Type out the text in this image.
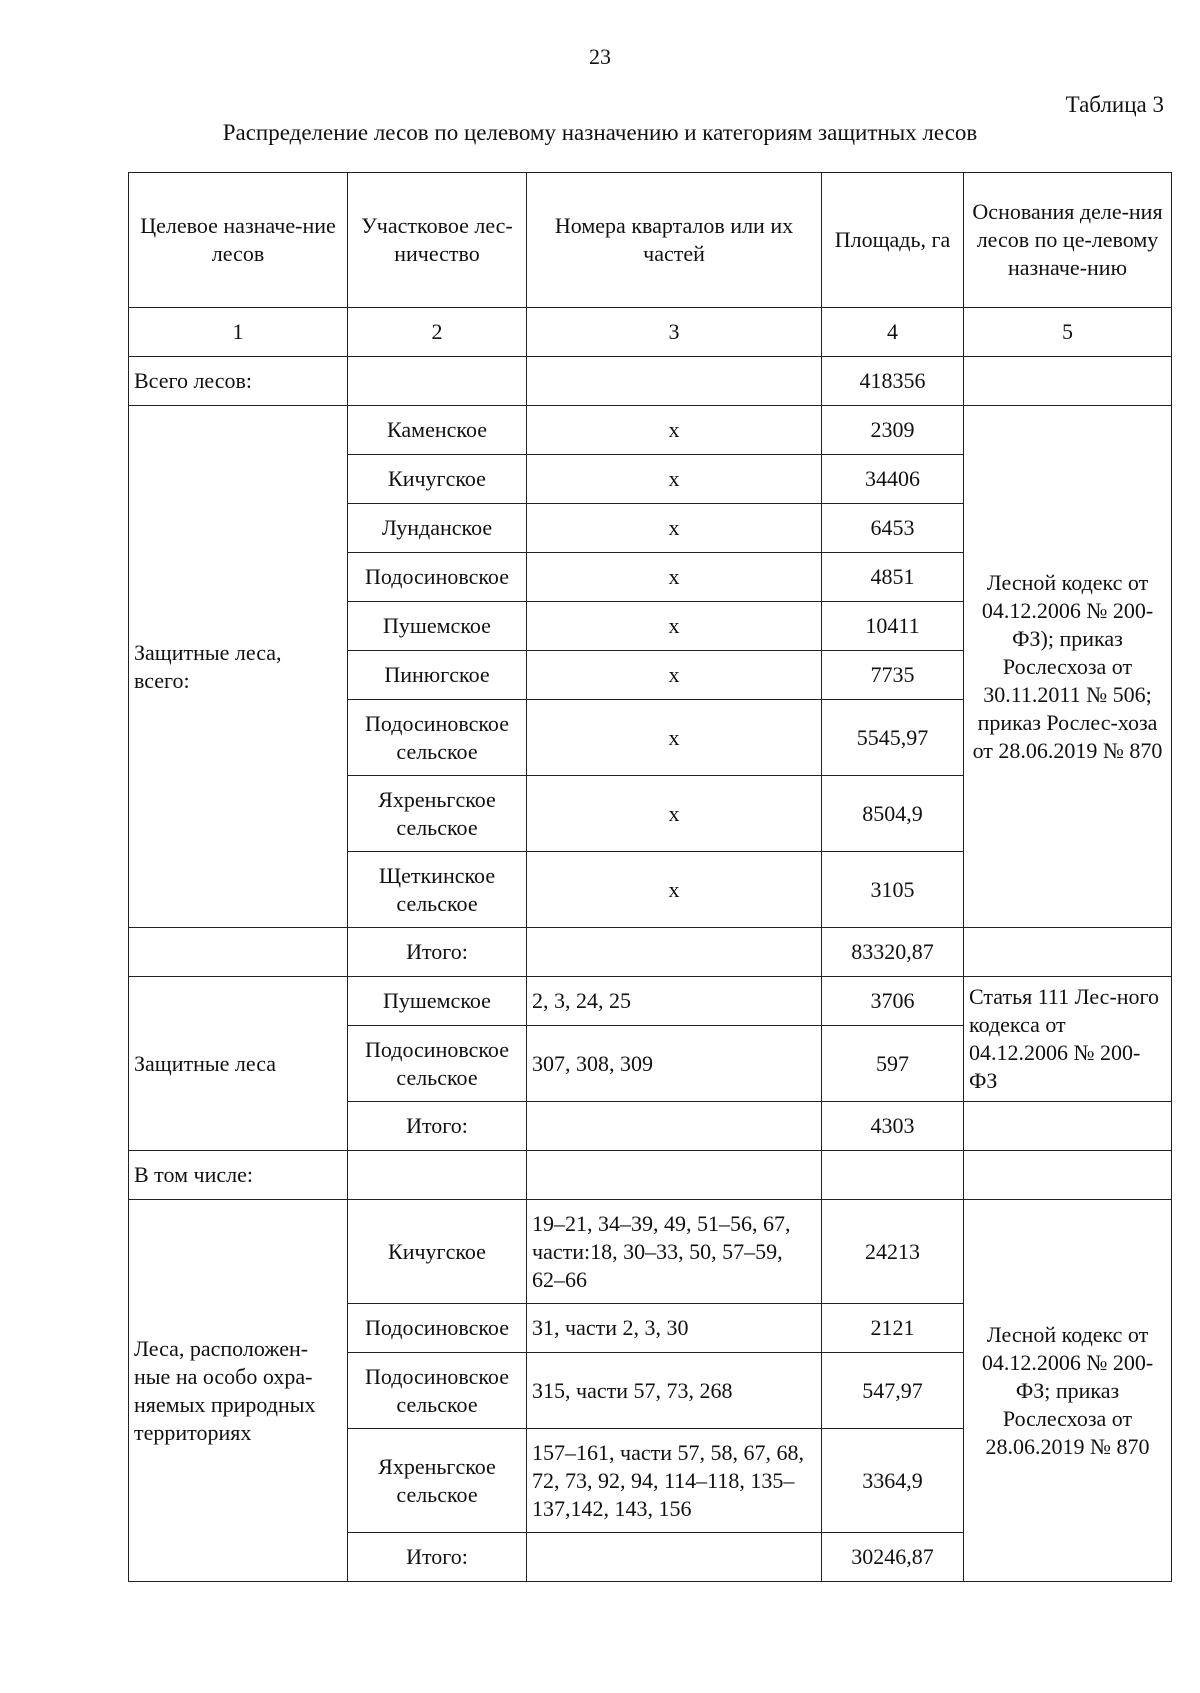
23
Таблица 3
Распределение лесов по целевому назначению и категориям защитных лесов
Целевое назначе-ние лесов	Участковое лес-ничество	Номера кварталов или их частей	Площадь, га	Основания деле-ния лесов по це-левому назначе-нию
1	2	3	4	5
Всего лесов:			418356	
Защитные леса, всего:	Каменское	х	2309	Лесной кодекс от 04.12.2006 № 200-ФЗ); приказ Рослесхоза от 30.11.2011 № 506; приказ Рослес-хоза от 28.06.2019 № 870
	Кичугское	х	34406	
	Лунданское	х	6453	
	Подосиновское	х	4851	
	Пушемское	х	10411	
	Пинюгское	х	7735	
	Подосиновское сельское	х	5545,97	
	Яхреньгское сельское	х	8504,9	
	Щеткинское сельское	х	3105	
	Итого:		83320,87	
Защитные леса	Пушемское	2, 3, 24, 25	3706	Статья 111 Лес-ного кодекса от 04.12.2006 № 200-ФЗ
	Подосиновское сельское	307, 308, 309	597	
	Итого:		4303	
В том числе:				
Леса, расположен-ные на особо охра-няемых природных территориях	Кичугское	19–21, 34–39, 49, 51–56, 67, части:18, 30–33, 50, 57–59, 62–66	24213	Лесной кодекс от 04.12.2006 № 200-ФЗ; приказ Рослесхоза от 28.06.2019 № 870
	Подосиновское	31, части 2, 3, 30	2121	
	Подосиновское сельское	315, части 57, 73, 268	547,97	
	Яхреньгское сельское	157–161, части 57, 58, 67, 68, 72, 73, 92, 94, 114–118, 135–137,142, 143, 156	3364,9	
	Итого:		30246,87	
